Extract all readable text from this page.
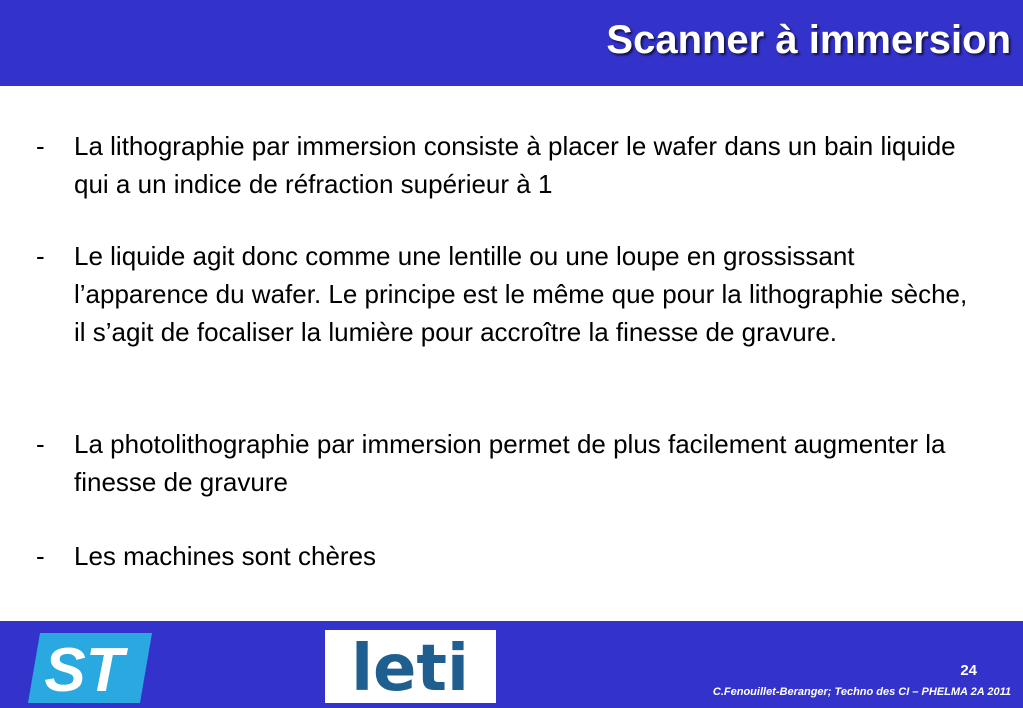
Scanner à immersion
- La lithographie par immersion consiste à placer le wafer dans un bain liquide qui a un indice de réfraction supérieur à 1
- Le liquide agit donc comme une lentille ou une loupe en grossissant l’apparence du wafer. Le principe est le même que pour la lithographie sèche, il s’agit de focaliser la lumière pour accroître la finesse de gravure.
- La photolithographie par immersion permet de plus facilement augmenter la finesse de gravure
- Les machines sont chères
ST	leti	24
C.Fenouillet-Beranger; Techno des CI – PHELMA 2A 2011
